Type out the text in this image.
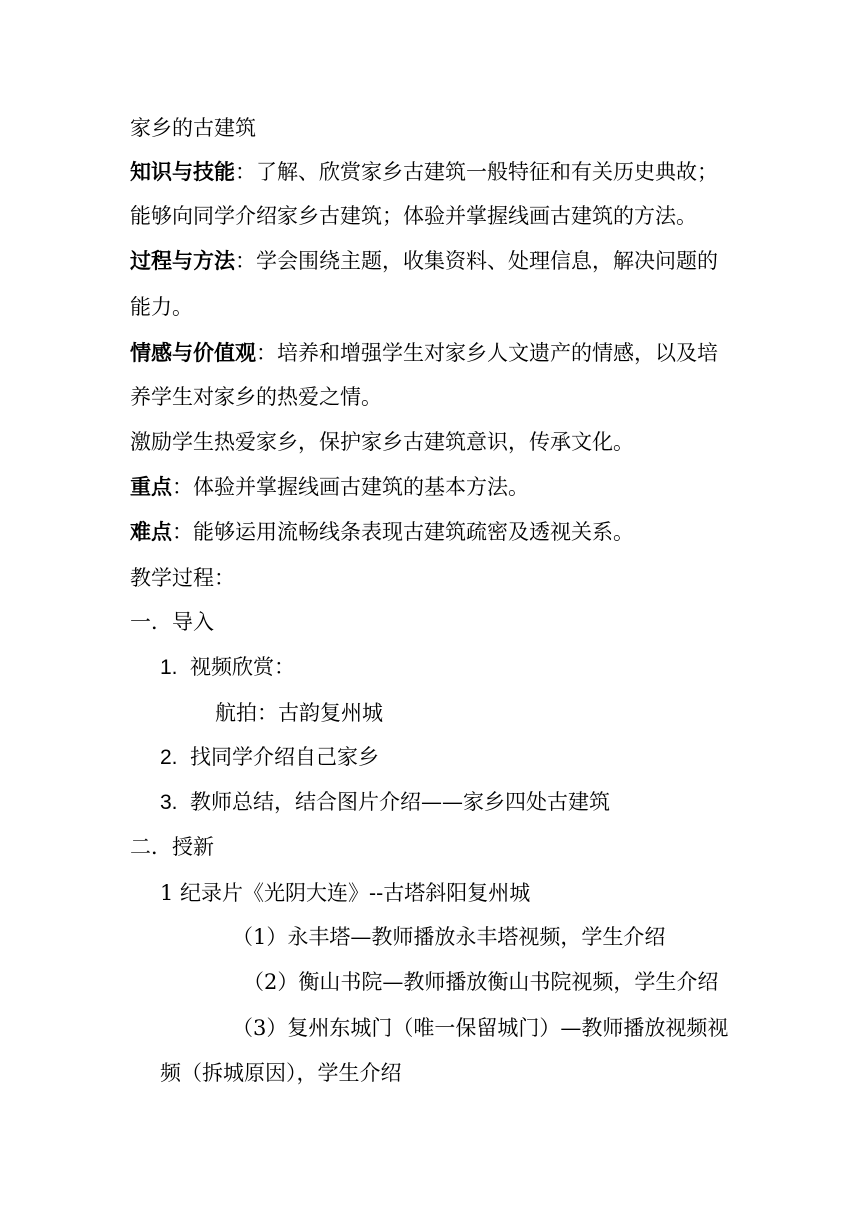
家乡的古建筑
知识与技能：了解、欣赏家乡古建筑一般特征和有关历史典故；
能够向同学介绍家乡古建筑；体验并掌握线画古建筑的方法。
过程与方法：学会围绕主题，收集资料、处理信息，解决问题的
能力。
情感与价值观：培养和增强学生对家乡人文遗产的情感，以及培
养学生对家乡的热爱之情。
激励学生热爱家乡，保护家乡古建筑意识，传承文化。
重点：体验并掌握线画古建筑的基本方法。
难点：能够运用流畅线条表现古建筑疏密及透视关系。
教学过程：
一．导入
1. 视频欣赏：
航拍：古韵复州城
2. 找同学介绍自己家乡
3. 教师总结，结合图片介绍——家乡四处古建筑
二．授新
1 纪录片《光阴大连》--古塔斜阳复州城
（1）永丰塔—教师播放永丰塔视频，学生介绍
（2）衡山书院—教师播放衡山书院视频，学生介绍
（3）复州东城门（唯一保留城门）—教师播放视频视
频（拆城原因），学生介绍
